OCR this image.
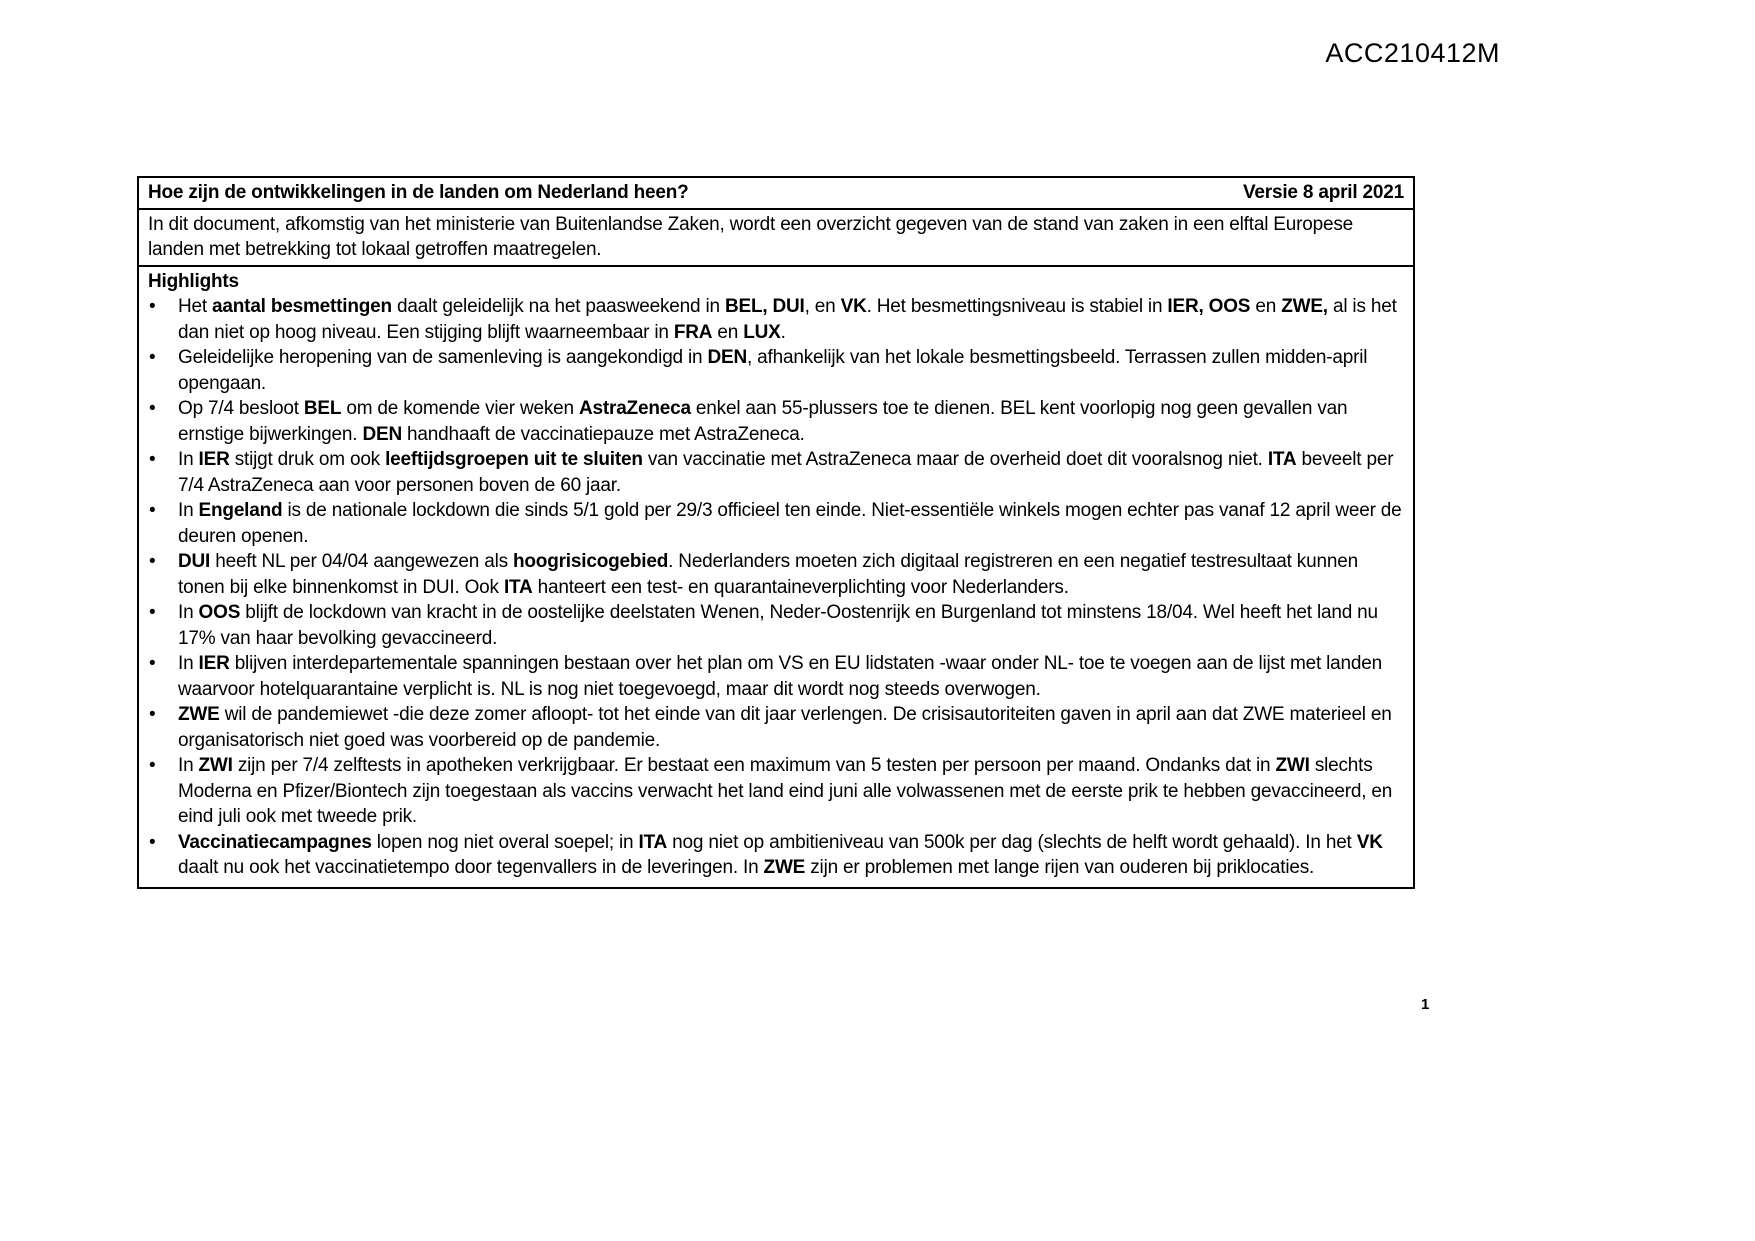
ACC210412M
Hoe zijn de ontwikkelingen in de landen om Nederland heen?	Versie 8 april 2021
In dit document, afkomstig van het ministerie van Buitenlandse Zaken, wordt een overzicht gegeven van de stand van zaken in een elftal Europese landen met betrekking tot lokaal getroffen maatregelen.
Highlights
• Het aantal besmettingen daalt geleidelijk na het paasweekend in BEL, DUI, en VK. Het besmettingsniveau is stabiel in IER, OOS en ZWE, al is het dan niet op hoog niveau. Een stijging blijft waarneembaar in FRA en LUX.
• Geleidelijke heropening van de samenleving is aangekondigd in DEN, afhankelijk van het lokale besmettingsbeeld. Terrassen zullen midden-april opengaan.
• Op 7/4 besloot BEL om de komende vier weken AstraZeneca enkel aan 55-plussers toe te dienen. BEL kent voorlopig nog geen gevallen van ernstige bijwerkingen. DEN handhaaft de vaccinatiepauze met AstraZeneca.
• In IER stijgt druk om ook leeftijdsgroepen uit te sluiten van vaccinatie met AstraZeneca maar de overheid doet dit vooralsnog niet. ITA beveelt per 7/4 AstraZeneca aan voor personen boven de 60 jaar.
• In Engeland is de nationale lockdown die sinds 5/1 gold per 29/3 officieel ten einde. Niet-essentiële winkels mogen echter pas vanaf 12 april weer de deuren openen.
• DUI heeft NL per 04/04 aangewezen als hoogrisicogebied. Nederlanders moeten zich digitaal registreren en een negatief testresultaat kunnen tonen bij elke binnenkomst in DUI. Ook ITA hanteert een test- en quarantaineverplichting voor Nederlanders.
• In OOS blijft de lockdown van kracht in de oostelijke deelstaten Wenen, Neder-Oostenrijk en Burgenland tot minstens 18/04. Wel heeft het land nu 17% van haar bevolking gevaccineerd.
• In IER blijven interdepartementale spanningen bestaan over het plan om VS en EU lidstaten -waar onder NL- toe te voegen aan de lijst met landen waarvoor hotelquarantaine verplicht is. NL is nog niet toegevoegd, maar dit wordt nog steeds overwogen.
• ZWE wil de pandemiewet -die deze zomer afloopt- tot het einde van dit jaar verlengen. De crisisautoriteiten gaven in april aan dat ZWE materieel en organisatorisch niet goed was voorbereid op de pandemie.
• In ZWI zijn per 7/4 zelftests in apotheken verkrijgbaar. Er bestaat een maximum van 5 testen per persoon per maand. Ondanks dat in ZWI slechts Moderna en Pfizer/Biontech zijn toegestaan als vaccins verwacht het land eind juni alle volwassenen met de eerste prik te hebben gevaccineerd, en eind juli ook met tweede prik.
• Vaccinatiecampagnes lopen nog niet overal soepel; in ITA nog niet op ambitieniveau van 500k per dag (slechts de helft wordt gehaald). In het VK daalt nu ook het vaccinatietempo door tegenvallers in de leveringen. In ZWE zijn er problemen met lange rijen van ouderen bij priklocaties.
1
